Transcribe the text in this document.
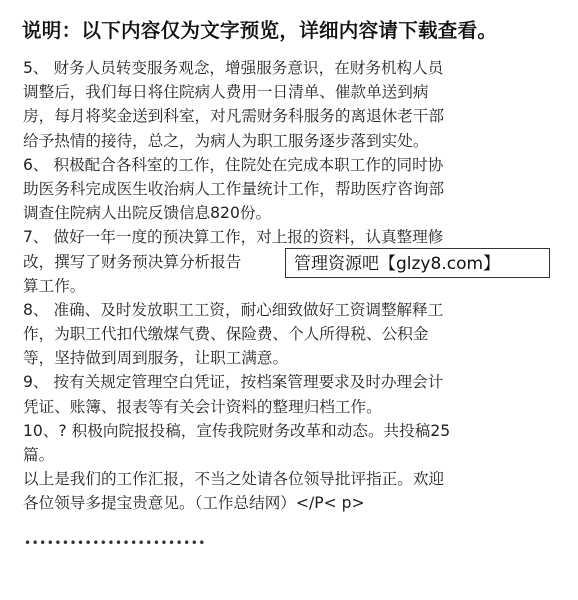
说明：以下内容仅为文字预览，详细内容请下载查看。
5、 财务人员转变服务观念，增强服务意识，在财务机构人员
调整后，我们每日将住院病人费用一日清单、催款单送到病
房，每月将奖金送到科室，对凡需财务科服务的离退休老干部
给予热情的接待，总之，为病人为职工服务逐步落到实处。
6、 积极配合各科室的工作，住院处在完成本职工作的同时协
助医务科完成医生收治病人工作量统计工作，帮助医疗咨询部
调查住院病人出院反馈信息820份。
7、 做好一年一度的预决算工作，对上报的资料，认真整理修
改，撰写了财务预决算分析报告
算工作。
8、 准确、及时发放职工工资，耐心细致做好工资调整解释工
作，为职工代扣代缴煤气费、保险费、个人所得税、公积金
等，坚持做到周到服务，让职工满意。
9、 按有关规定管理空白凭证，按档案管理要求及时办理会计
凭证、账簿、报表等有关会计资料的整理归档工作。
10、? 积极向院报投稿，宣传我院财务改革和动态。共投稿25
篇。
以上是我们的工作汇报，不当之处请各位领导批评指正。欢迎
各位领导多提宝贵意见。（工作总结网）</P< p>
••••••••••••••••••••••••
管理资源吧【glzy8.com】
